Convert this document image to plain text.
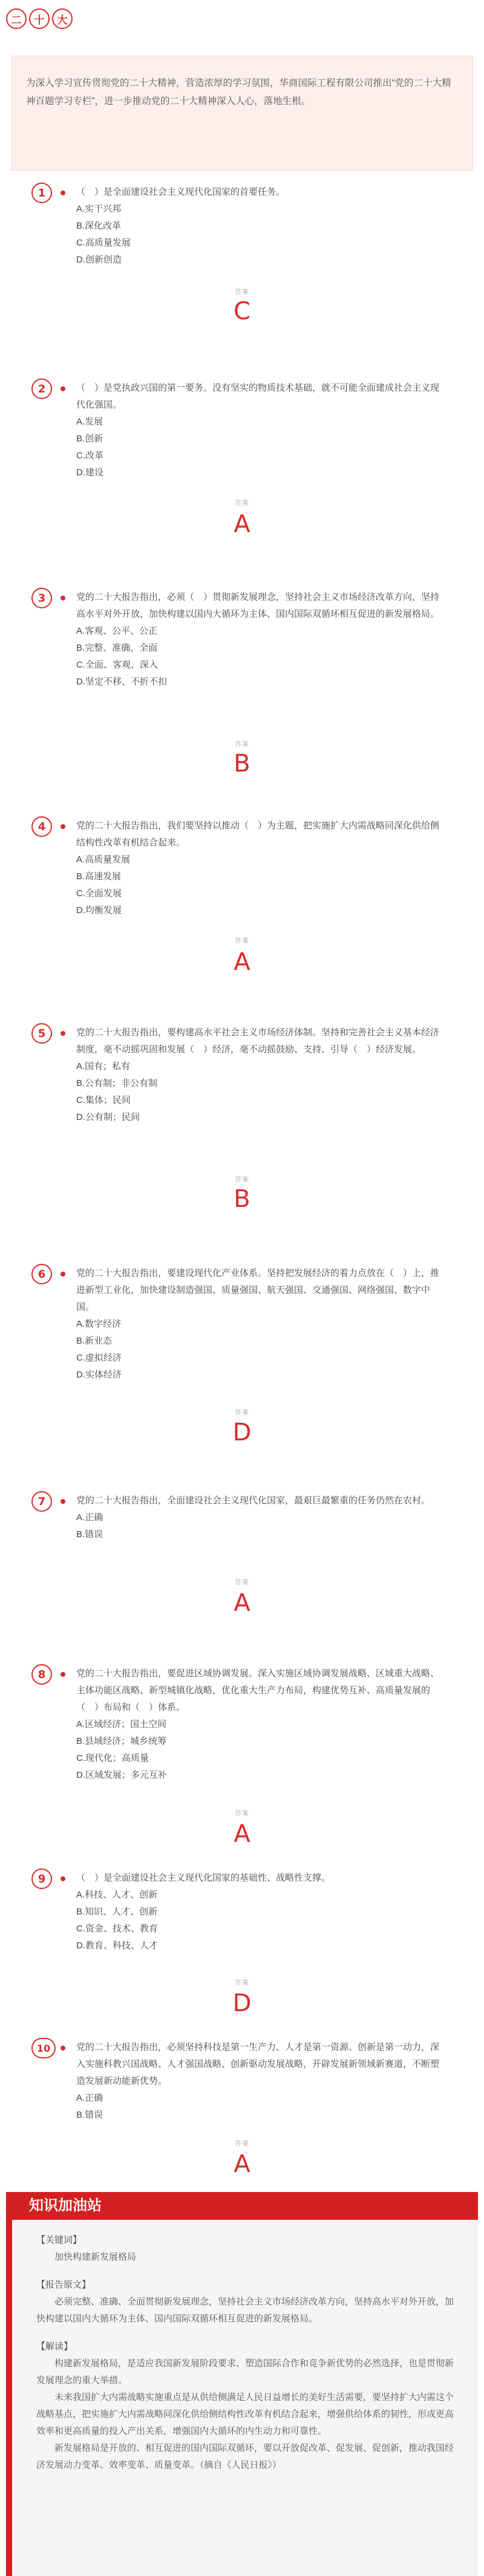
二	十	大

为深入学习宣传贯彻党的二十大精神，营造浓厚的学习氛围，华商国际工程有限公司推出“党的二十大精神百题学习专栏”，进一步推动党的二十大精神深入人心，落地生根。

1	（　）是全面建设社会主义现代化国家的首要任务。

A.实干兴邦

B.深化改革

C.高质量发展

D.创新创造

答案
C
2	（　）是党执政兴国的第一要务。没有坚实的物质技术基础，就不可能全面建成社会主义现代化强国。

A.发展

B.创新

C.改革

D.建设

答案
A
3	党的二十大报告指出，必须（　）贯彻新发展理念，坚持社会主义市场经济改革方向，坚持高水平对外开放，加快构建以国内大循环为主体、国内国际双循环相互促进的新发展格局。

A.客观、公平、公正

B.完整、准确、全面

C.全面、客观、深入

D.坚定不移、不折不扣

答案
B
4	党的二十大报告指出，我们要坚持以推动（　）为主题，把实施扩大内需战略同深化供给侧结构性改革有机结合起来。

A.高质量发展

B.高速发展

C.全面发展

D.均衡发展

答案
A
5	党的二十大报告指出，要构建高水平社会主义市场经济体制。坚持和完善社会主义基本经济制度，毫不动摇巩固和发展（　）经济，毫不动摇鼓励、支持、引导（　）经济发展。

A.国有；私有

B.公有制；非公有制

C.集体；民间

D.公有制；民间

答案
B
6	党的二十大报告指出，要建设现代化产业体系。坚持把发展经济的着力点放在（　）上，推进新型工业化，加快建设制造强国、质量强国、航天强国、交通强国、网络强国、数字中国。

A.数字经济

B.新业态

C.虚拟经济

D.实体经济

答案
D
7	党的二十大报告指出，全面建设社会主义现代化国家，最艰巨最繁重的任务仍然在农村。

A.正确

B.错误

答案
A
8	党的二十大报告指出，要促进区域协调发展。深入实施区域协调发展战略、区域重大战略、主体功能区战略、新型城镇化战略，优化重大生产力布局，构建优势互补、高质量发展的（　）布局和（　）体系。

A.区域经济；国土空间

B.县域经济；城乡统筹

C.现代化；高质量

D.区域发展；多元互补

答案
A
9	（　）是全面建设社会主义现代化国家的基础性、战略性支撑。

A.科技、人才、创新

B.知识、人才、创新

C.资金、技术、教育

D.教育、科技、人才

答案
D
10	党的二十大报告指出，必须坚持科技是第一生产力、人才是第一资源、创新是第一动力，深入实施科教兴国战略、人才强国战略、创新驱动发展战略，开辟发展新领域新赛道，不断塑造发展新动能新优势。

A.正确

B.错误

答案
A
知识加油站

【关键词】

加快构建新发展格局

【报告原文】

必须完整、准确、全面贯彻新发展理念，坚持社会主义市场经济改革方向，坚持高水平对外开放，加快构建以国内大循环为主体、国内国际双循环相互促进的新发展格局。

【解读】

构建新发展格局，是适应我国新发展阶段要求、塑造国际合作和竞争新优势的必然选择，也是贯彻新发展理念的重大举措。

未来我国扩大内需战略实施重点是从供给侧满足人民日益增长的美好生活需要，要坚持扩大内需这个战略基点，把实施扩大内需战略同深化供给侧结构性改革有机结合起来，增强供给体系的韧性，形成更高效率和更高质量的投入产出关系，增强国内大循环的内生动力和可靠性。

新发展格局是开放的、相互促进的国内国际双循环，要以开放促改革、促发展、促创新，推动我国经济发展动力变革、效率变革、质量变革。（摘自《人民日报》）
